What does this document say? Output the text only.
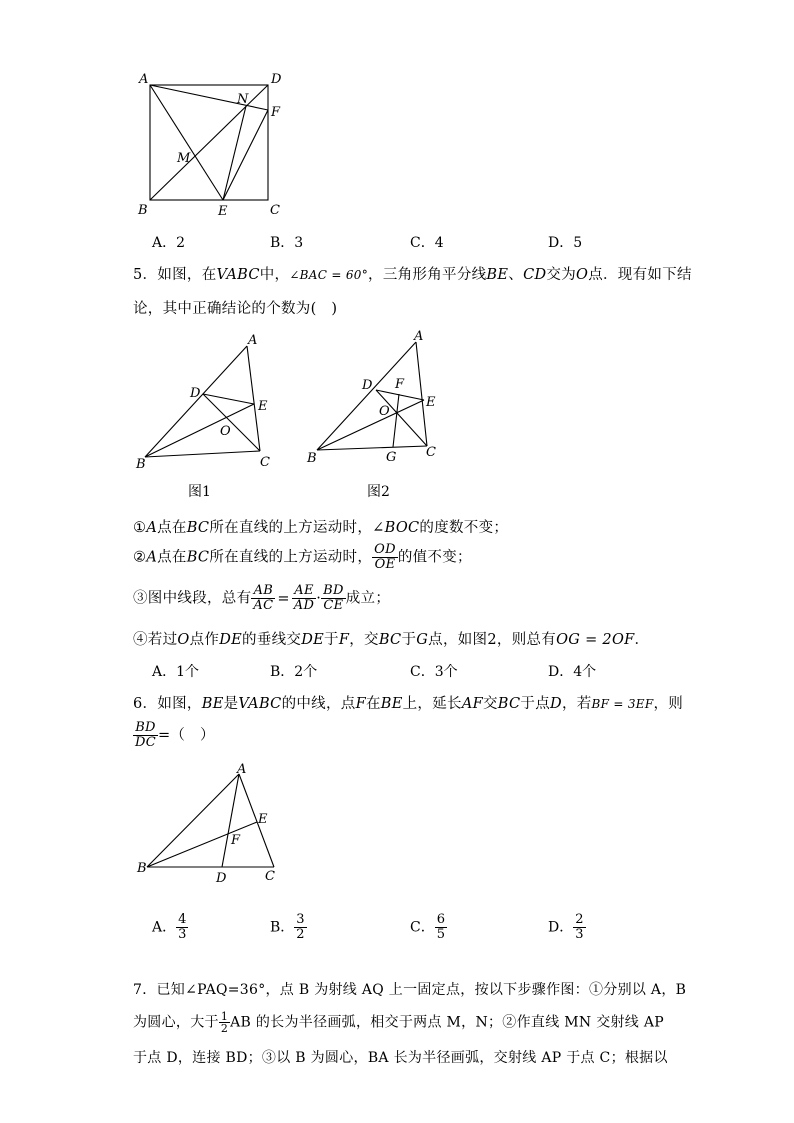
A	D
N
F
M
B	E	C
A．2	B．3	C．4	D．5
5．如图，在VABC中，∠BAC = 60°，三角形角平分线BE、CD交为O点．现有如下结
论，其中正确结论的个数为(　)
A
D
E
O
B	C
图1
A
D F
E
O
B	G C
图2
①A点在BC所在直线的上方运动时，∠BOC的度数不变；
②A点在BC所在直线的上方运动时， $\frac{OD}{OE}$ 的值不变；
③图中线段，总有 $\frac{AB}{AC} = \frac{AE}{AD} \cdot \frac{BD}{CE}$ 成立；
④若过O点作DE的垂线交DE于F，交BC于G点，如图2，则总有OG = 2OF．
A．1个	B．2个	C．3个	D．4个
6．如图，BE是VABC的中线，点F在BE上，延长AF交BC于点D，若BF = 3EF，则
$\frac{BD}{DC}$ =（　）
A
E
F
B
D	C
A． $\frac{4}{3}$	B． $\frac{3}{2}$	C． $\frac{6}{5}$	D． $\frac{2}{3}$
7．已知∠PAQ=36°，点 B 为射线 AQ 上一固定点，按以下步骤作图：①分别以 A，B
为圆心，大于 $\frac{1}{2}$ AB 的长为半径画弧，相交于两点 M，N；②作直线 MN 交射线 AP
于点 D，连接 BD；③以 B 为圆心，BA 长为半径画弧，交射线 AP 于点 C；根据以
